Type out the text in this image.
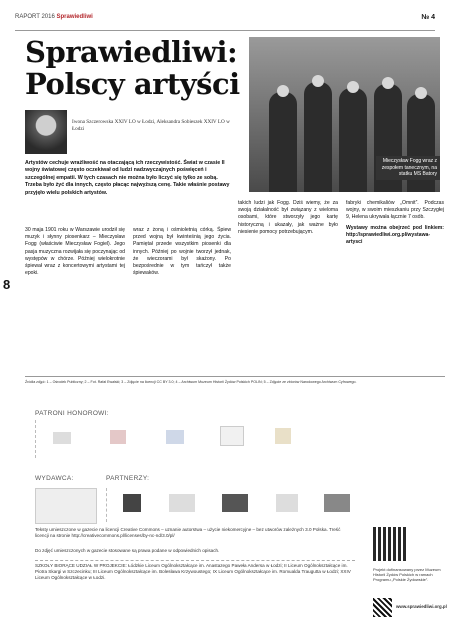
RAPORT 2016 Sprawiedliwi	№ 4
8
Sprawiedliwi:
Polscy artyści
Mieczysław Fogg wraz z zespołem tanecznym, na statku MS Batory
Iwona Szczerowska XXIV LO w Łodzi, Aleksandra Sobieszek XXIV LO w Łodzi
Artystów cechuje wrażliwość na otaczającą ich rzeczywistość. Świat w czasie II wojny światowej często oczekiwał od ludzi nadzwyczajnych poświęceń i szczególnej empatii. W tych czasach nie można było liczyć się tylko ze sobą. Trzeba było żyć dla innych, często płacąc najwyższą cenę. Takie właśnie postawy przyjęło wielu polskich artystów.
30 maja 1901 roku w Warszawie urodził się muzyk i słynny piosenkarz – Mieczysław Fogg (właściwie Mieczysław Fogiel). Jego pasja muzyczna rozwijała się poczynając od występów w chórze. Później wielokrotnie śpiewał wraz z koncertowymi artystami tej epoki.
wraz z żoną i ośmioletnią córką. Śpiew przed wojną był kwinteśnią jego życia. Pamiętał przede wszystkim piosenki dla innych. Później po wojnie tworzył jednak, że wieczorami był skażony. Po bezpośrednie w tym tańczył także śpiewaków.
takich ludzi jak Fogg. Dziś wiemy, że za swoją działalność był związany z wieloma osobami, które stworzyły jego kartę historyczną i ukazały, jak ważne było niesienie pomocy potrzebującym.
fabryki chemikaliów „Omnit”. Podczas wojny, w swoim mieszkaniu przy Szczygłej 9, Helena ukrywała łącznie 7 osób.
Wystawy można obejrzeć pod linkiem: http://sprawiedliwi.org.pl/wystawa-artysci
Źródła zdjęć: 1 – Ośrodek Publiczny; 2 – Fot. Rafał Ewalski; 3 – Zdjęcie na licencji CC BY 3.0; 4 – Archiwum Muzeum Historii Żydów Polskich POLIN; 5 – Zdjęcie ze zbiorów Narodowego Archiwum Cyfrowego.
PATRONI HONOROWI:
WYDAWCA:	PARTNERZY:
Teksty umieszczone w gazecie na licencji Creative Commons – uznanie autorstwa – użycie niekomercyjne – bez utworów zależnych 3.0 Polska. Treść licencji na stronie http://creativecommons.pl/licenses/by-nc-nd/3.0/pl/
Do zdjęć umieszczonych w gazecie stosowane są prawa podane w odpowiednich opisach.
SZKOŁY BIORĄCE UDZIAŁ W PROJEKCIE: Łódzkie Liceum Ogólnokształcące im. Anastazego Paweła Andersa w Łodzi; II Liceum Ogólnokształcące im. Piotra Skargi w Szczecinku; III Liceum Ogólnokształcące im. Bolesława Krzywoustego; IX Liceum Ogólnokształcące im. Romualda Traugutta w Łodzi; XXIV Liceum Ogólnokształcące w Łodzi.
Projekt dofinansowany przez Muzeum Historii Żydów Polskich w ramach Programu „Polskie Żydowskie”.
www.sprawiedliwi.org.pl
